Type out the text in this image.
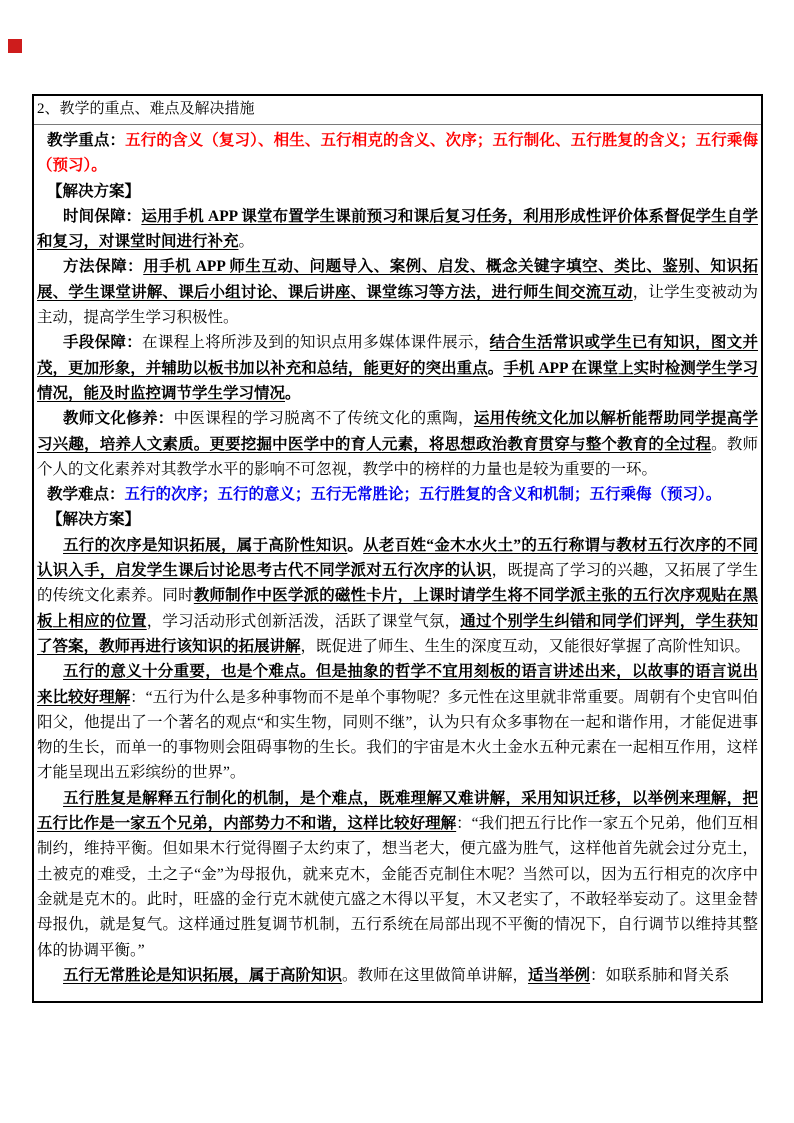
2、教学的重点、难点及解决措施

教学重点：五行的含义（复习）、相生、五行相克的含义、次序；五行制化、五行胜复的含义；五行乘侮（预习）。

【解决方案】

时间保障：运用手机 APP 课堂布置学生课前预习和课后复习任务，利用形成性评价体系督促学生自学和复习，对课堂时间进行补充。

方法保障：用手机 APP 师生互动、问题导入、案例、启发、概念关键字填空、类比、鉴别、知识拓展、学生课堂讲解、课后小组讨论、课后讲座、课堂练习等方法，进行师生间交流互动，让学生变被动为主动，提高学生学习积极性。

手段保障：在课程上将所涉及到的知识点用多媒体课件展示，结合生活常识或学生已有知识，图文并茂，更加形象，并辅助以板书加以补充和总结，能更好的突出重点。手机 APP 在课堂上实时检测学生学习情况，能及时监控调节学生学习情况。

教师文化修养：中医课程的学习脱离不了传统文化的熏陶，运用传统文化加以解析能帮助同学提高学习兴趣，培养人文素质。更要挖掘中医学中的育人元素，将思想政治教育贯穿与整个教育的全过程。教师个人的文化素养对其教学水平的影响不可忽视，教学中的榜样的力量也是较为重要的一环。

教学难点：五行的次序；五行的意义；五行无常胜论；五行胜复的含义和机制；五行乘侮（预习）。

【解决方案】

五行的次序是知识拓展，属于高阶性知识。从老百姓“金木水火土”的五行称谓与教材五行次序的不同认识入手，启发学生课后讨论思考古代不同学派对五行次序的认识，既提高了学习的兴趣，又拓展了学生的传统文化素养。同时教师制作中医学派的磁性卡片，上课时请学生将不同学派主张的五行次序观贴在黑板上相应的位置，学习活动形式创新活泼，活跃了课堂气氛，通过个别学生纠错和同学们评判，学生获知了答案，教师再进行该知识的拓展讲解，既促进了师生、生生的深度互动，又能很好掌握了高阶性知识。

五行的意义十分重要，也是个难点。但是抽象的哲学不宜用刻板的语言讲述出来，以故事的语言说出来比较好理解：“五行为什么是多种事物而不是单个事物呢？多元性在这里就非常重要。周朝有个史官叫伯阳父，他提出了一个著名的观点“和实生物，同则不继”，认为只有众多事物在一起和谐作用，才能促进事物的生长，而单一的事物则会阻碍事物的生长。我们的宇宙是木火土金水五种元素在一起相互作用，这样才能呈现出五彩缤纷的世界”。

五行胜复是解释五行制化的机制，是个难点，既难理解又难讲解，采用知识迁移，以举例来理解，把五行比作是一家五个兄弟，内部势力不和谐，这样比较好理解：“我们把五行比作一家五个兄弟，他们互相制约，维持平衡。但如果木行觉得圈子太约束了，想当老大，便亢盛为胜气，这样他首先就会过分克土，土被克的难受，土之子“金”为母报仇，就来克木，金能否克制住木呢？当然可以，因为五行相克的次序中金就是克木的。此时，旺盛的金行克木就使亢盛之木得以平复，木又老实了，不敢轻举妄动了。这里金替母报仇，就是复气。这样通过胜复调节机制，五行系统在局部出现不平衡的情况下，自行调节以维持其整体的协调平衡。”

五行无常胜论是知识拓展，属于高阶知识。教师在这里做简单讲解，适当举例：如联系肺和肾关系
